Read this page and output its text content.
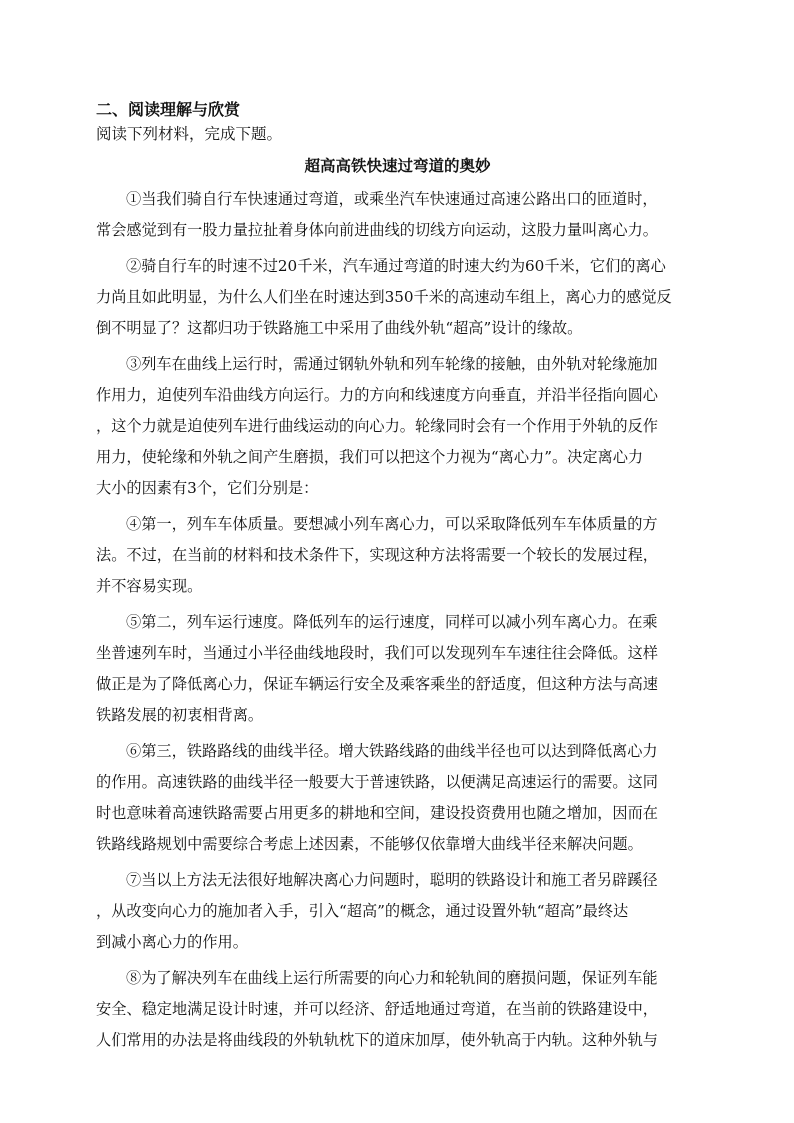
二、阅读理解与欣赏
阅读下列材料，完成下题。
超高高铁快速过弯道的奥妙
①当我们骑自行车快速通过弯道，或乘坐汽车快速通过高速公路出口的匝道时，
常会感觉到有一股力量拉扯着身体向前进曲线的切线方向运动，这股力量叫离心力。
②骑自行车的时速不过20千米，汽车通过弯道的时速大约为60千米，它们的离心
力尚且如此明显，为什么人们坐在时速达到350千米的高速动车组上，离心力的感觉反
倒不明显了？这都归功于铁路施工中采用了曲线外轨“超高”设计的缘故。
③列车在曲线上运行时，需通过钢轨外轨和列车轮缘的接触，由外轨对轮缘施加
作用力，迫使列车沿曲线方向运行。力的方向和线速度方向垂直，并沿半径指向圆心
，这个力就是迫使列车进行曲线运动的向心力。轮缘同时会有一个作用于外轨的反作
用力，使轮缘和外轨之间产生磨损，我们可以把这个力视为“离心力”。决定离心力
大小的因素有3个，它们分别是：
④第一，列车车体质量。要想减小列车离心力，可以采取降低列车车体质量的方
法。不过，在当前的材料和技术条件下，实现这种方法将需要一个较长的发展过程，
并不容易实现。
⑤第二，列车运行速度。降低列车的运行速度，同样可以减小列车离心力。在乘
坐普速列车时，当通过小半径曲线地段时，我们可以发现列车车速往往会降低。这样
做正是为了降低离心力，保证车辆运行安全及乘客乘坐的舒适度，但这种方法与高速
铁路发展的初衷相背离。
⑥第三，铁路路线的曲线半径。增大铁路线路的曲线半径也可以达到降低离心力
的作用。高速铁路的曲线半径一般要大于普速铁路，以便满足高速运行的需要。这同
时也意味着高速铁路需要占用更多的耕地和空间，建设投资费用也随之增加，因而在
铁路线路规划中需要综合考虑上述因素，不能够仅依靠增大曲线半径来解决问题。
⑦当以上方法无法很好地解决离心力问题时，聪明的铁路设计和施工者另辟蹊径
，从改变向心力的施加者入手，引入“超高”的概念，通过设置外轨“超高”最终达
到减小离心力的作用。
⑧为了解决列车在曲线上运行所需要的向心力和轮轨间的磨损问题，保证列车能
安全、稳定地满足设计时速，并可以经济、舒适地通过弯道，在当前的铁路建设中，
人们常用的办法是将曲线段的外轨轨枕下的道床加厚，使外轨高于内轨。这种外轨与
